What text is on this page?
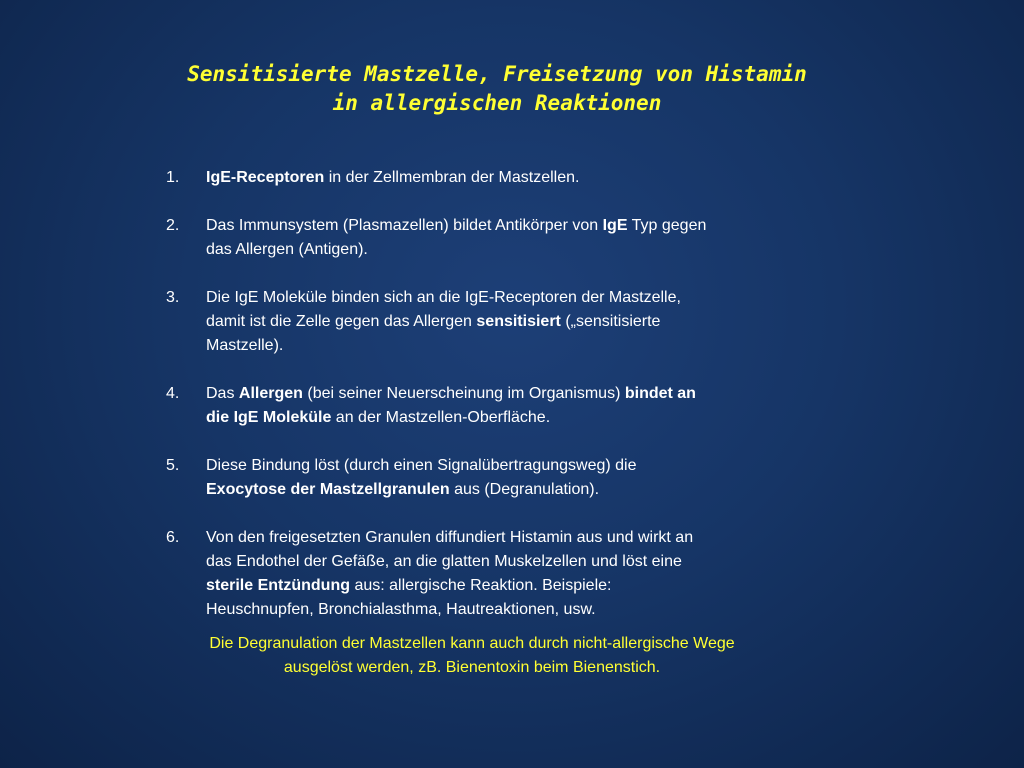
Sensitisierte Mastzelle, Freisetzung von Histamin
in allergischen Reaktionen
1.	IgE-Receptoren in der Zellmembran der Mastzellen.
2.	Das Immunsystem (Plasmazellen) bildet Antikörper von IgE Typ gegen
das Allergen (Antigen).
3.	Die IgE Moleküle binden sich an die IgE-Receptoren der Mastzelle,
damit ist die Zelle gegen das Allergen sensitisiert („sensitisierte
Mastzelle).
4.	Das Allergen (bei seiner Neuerscheinung im Organismus) bindet an
die IgE Moleküle an der Mastzellen-Oberfläche.
5.	Diese Bindung löst (durch einen Signalübertragungsweg) die
Exocytose der Mastzellgranulen aus (Degranulation).
6.	Von den freigesetzten Granulen diffundiert Histamin aus und wirkt an
das Endothel der Gefäße, an die glatten Muskelzellen und löst eine
sterile Entzündung aus: allergische Reaktion. Beispiele:
Heuschnupfen, Bronchialasthma, Hautreaktionen, usw.
Die Degranulation der Mastzellen kann auch durch nicht-allergische Wege
ausgelöst werden, zB. Bienentoxin beim Bienenstich.
